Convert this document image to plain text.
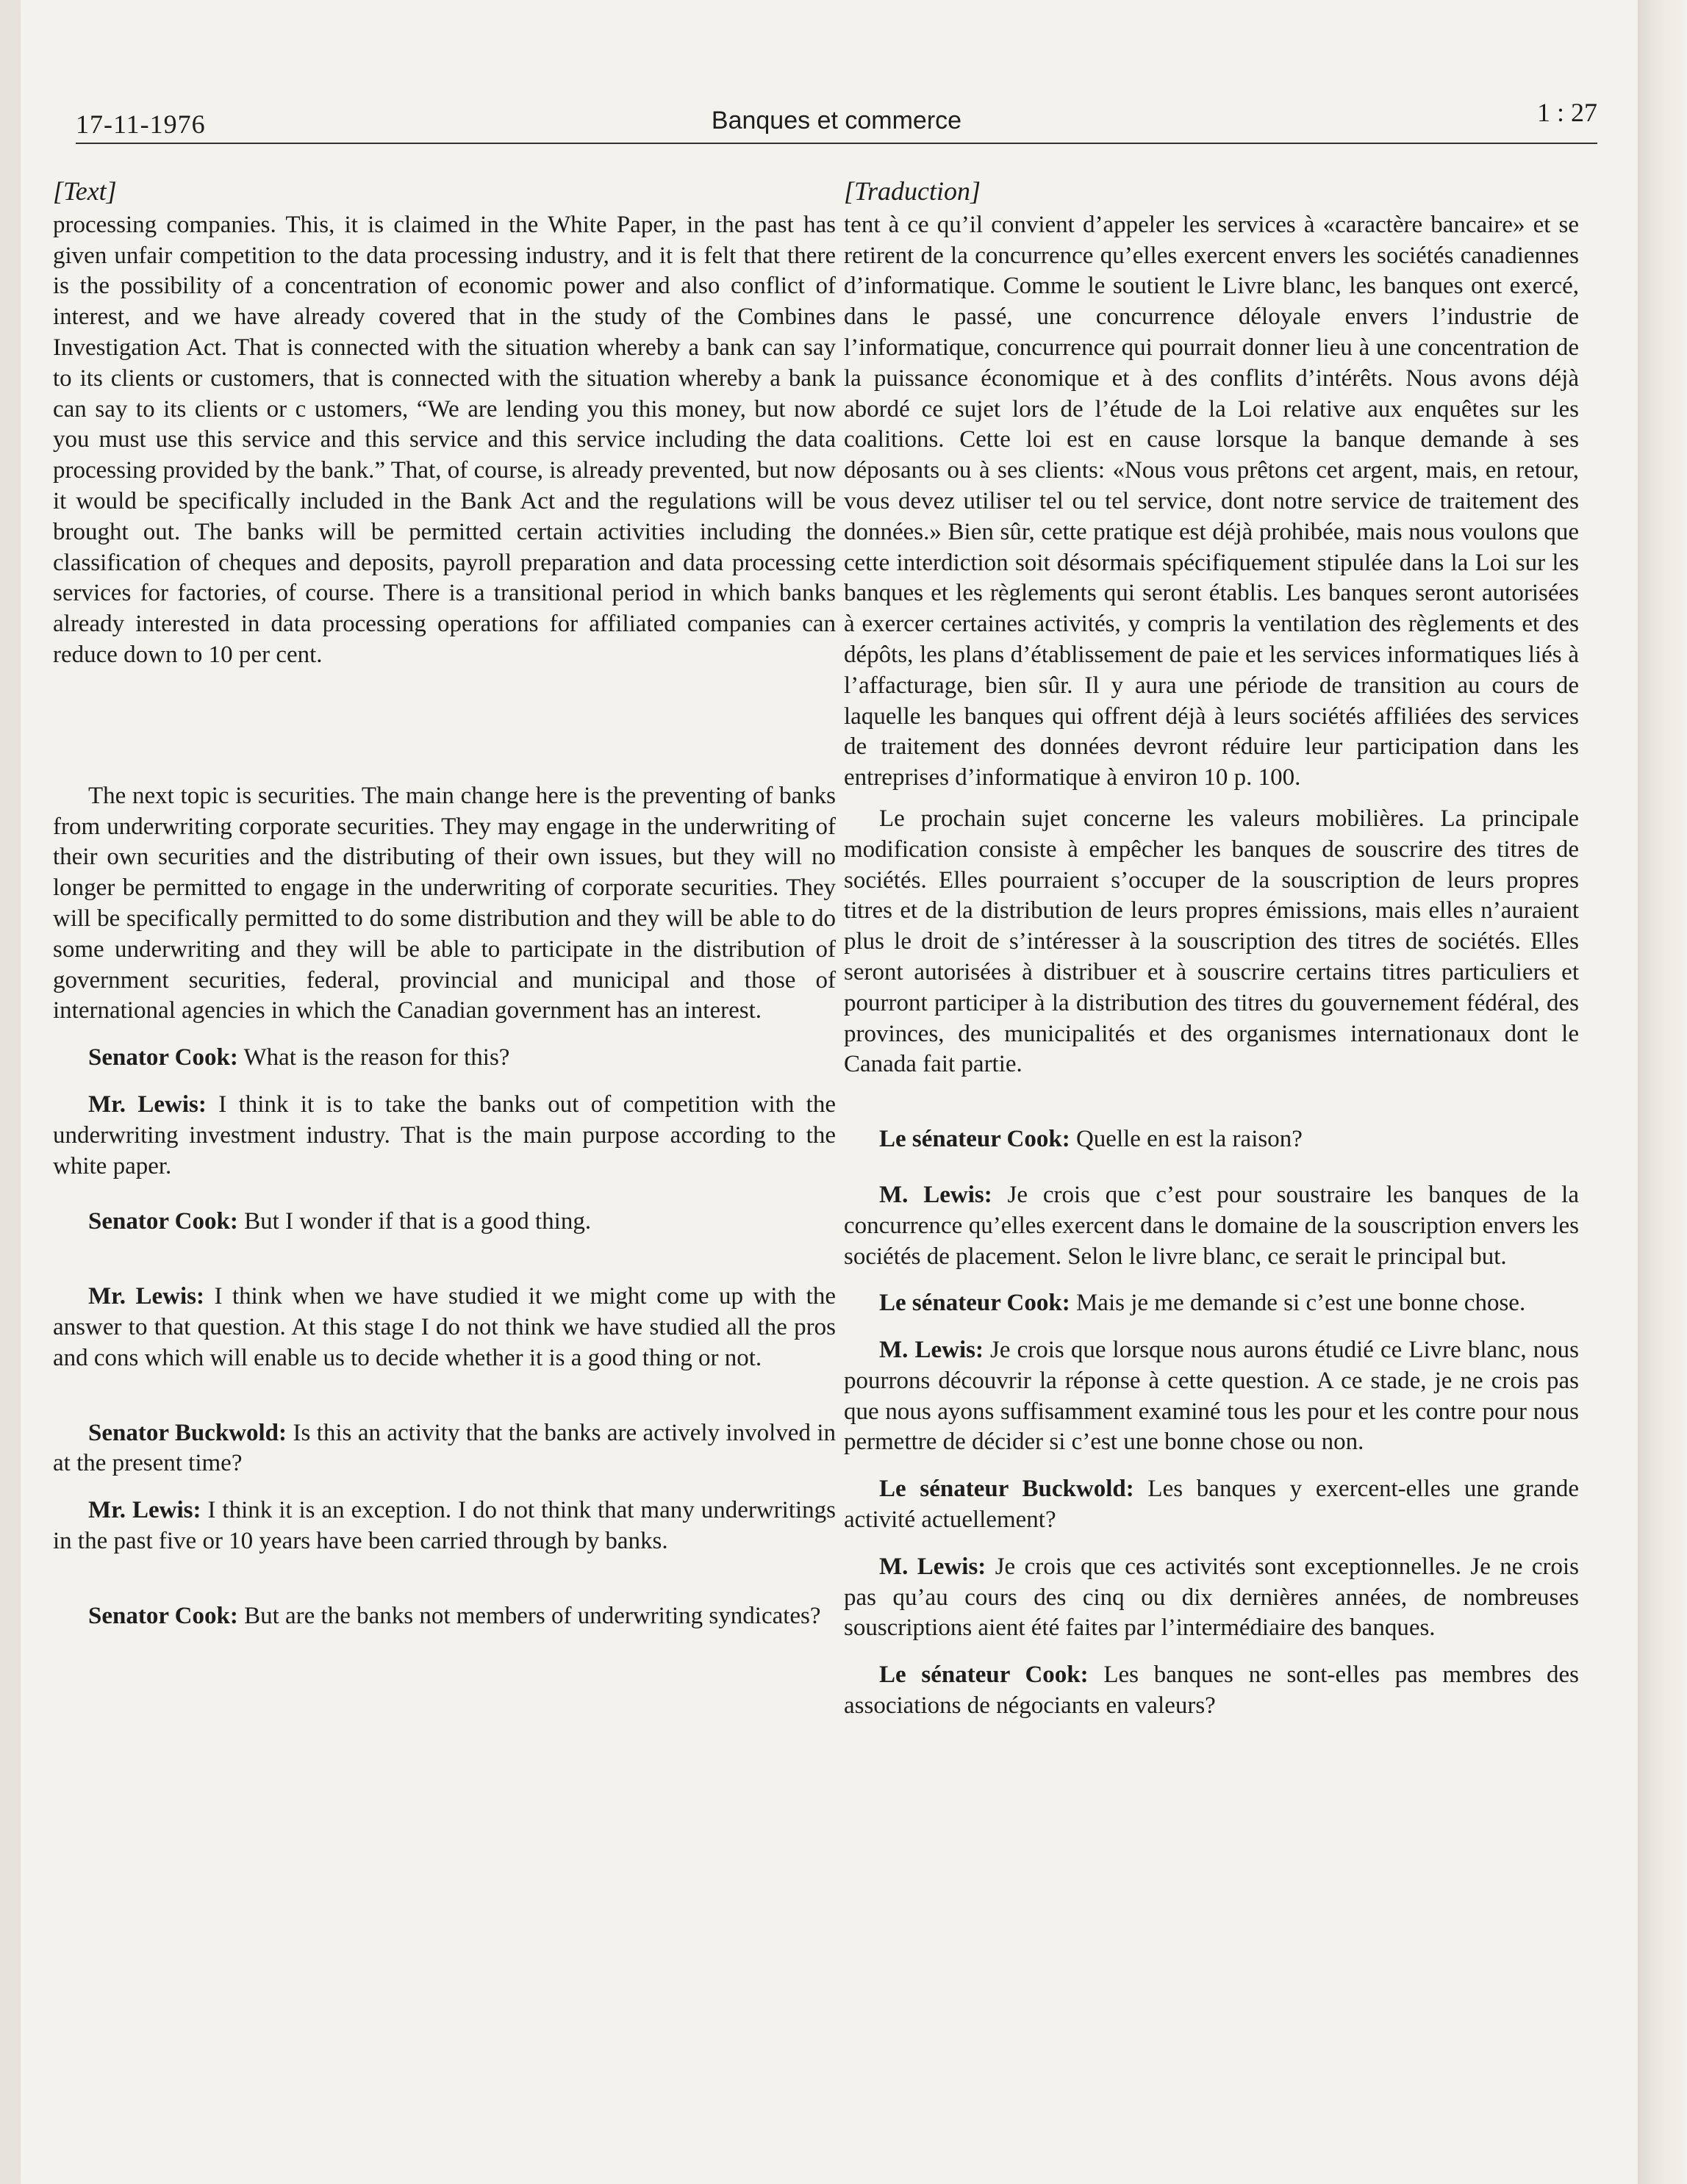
17-11-1976	Banques et commerce	1 : 27
[Text]

processing companies. This, it is claimed in the White Paper, in the past has given unfair competition to the data processing industry, and it is felt that there is the possibility of a concentration of economic power and also conflict of interest, and we have already covered that in the study of the Combines Investigation Act. That is connected with the situation whereby a bank can say to its clients or customers, that is connected with the situation whereby a bank can say to its clients or c ustomers, “We are lending you this money, but now you must use this service and this service and this service including the data processing provided by the bank.” That, of course, is already prevented, but now it would be specifically included in the Bank Act and the regulations will be brought out. The banks will be permitted certain activities including the classification of cheques and deposits, payroll preparation and data processing services for factories, of course. There is a transitional period in which banks already interested in data processing operations for affiliated companies can reduce down to 10 per cent.

The next topic is securities. The main change here is the preventing of banks from underwriting corporate securities. They may engage in the underwriting of their own securities and the distributing of their own issues, but they will no longer be permitted to engage in the underwriting of corporate securities. They will be specifically permitted to do some distribution and they will be able to do some underwriting and they will be able to participate in the distribution of government securities, federal, provincial and municipal and those of international agencies in which the Canadian government has an interest.

Senator Cook: What is the reason for this?

Mr. Lewis: I think it is to take the banks out of competition with the underwriting investment industry. That is the main purpose according to the white paper.

Senator Cook: But I wonder if that is a good thing.

Mr. Lewis: I think when we have studied it we might come up with the answer to that question. At this stage I do not think we have studied all the pros and cons which will enable us to decide whether it is a good thing or not.

Senator Buckwold: Is this an activity that the banks are actively involved in at the present time?

Mr. Lewis: I think it is an exception. I do not think that many underwritings in the past five or 10 years have been carried through by banks.

Senator Cook: But are the banks not members of underwriting syndicates?

[Traduction]

tent à ce qu’il convient d’appeler les services à «caractère bancaire» et se retirent de la concurrence qu’elles exercent envers les sociétés canadiennes d’informatique. Comme le soutient le Livre blanc, les banques ont exercé, dans le passé, une concurrence déloyale envers l’industrie de l’informatique, concurrence qui pourrait donner lieu à une concentration de la puissance économique et à des conflits d’intérêts. Nous avons déjà abordé ce sujet lors de l’étude de la Loi relative aux enquêtes sur les coalitions. Cette loi est en cause lorsque la banque demande à ses déposants ou à ses clients: «Nous vous prêtons cet argent, mais, en retour, vous devez utiliser tel ou tel service, dont notre service de traitement des données.» Bien sûr, cette pratique est déjà prohibée, mais nous voulons que cette interdiction soit désormais spécifiquement stipulée dans la Loi sur les banques et les règlements qui seront établis. Les banques seront autorisées à exercer certaines activités, y compris la ventilation des règlements et des dépôts, les plans d’établissement de paie et les services informatiques liés à l’affacturage, bien sûr. Il y aura une période de transition au cours de laquelle les banques qui offrent déjà à leurs sociétés affiliées des services de traitement des données devront réduire leur participation dans les entreprises d’informatique à environ 10 p. 100.

Le prochain sujet concerne les valeurs mobilières. La principale modification consiste à empêcher les banques de souscrire des titres de sociétés. Elles pourraient s’occuper de la souscription de leurs propres titres et de la distribution de leurs propres émissions, mais elles n’auraient plus le droit de s’intéresser à la souscription des titres de sociétés. Elles seront autorisées à distribuer et à souscrire certains titres particuliers et pourront participer à la distribution des titres du gouvernement fédéral, des provinces, des municipalités et des organismes internationaux dont le Canada fait partie.

Le sénateur Cook: Quelle en est la raison?

M. Lewis: Je crois que c’est pour soustraire les banques de la concurrence qu’elles exercent dans le domaine de la souscription envers les sociétés de placement. Selon le livre blanc, ce serait le principal but.

Le sénateur Cook: Mais je me demande si c’est une bonne chose.

M. Lewis: Je crois que lorsque nous aurons étudié ce Livre blanc, nous pourrons découvrir la réponse à cette question. A ce stade, je ne crois pas que nous ayons suffisamment examiné tous les pour et les contre pour nous permettre de décider si c’est une bonne chose ou non.

Le sénateur Buckwold: Les banques y exercent-elles une grande activité actuellement?

M. Lewis: Je crois que ces activités sont exceptionnelles. Je ne crois pas qu’au cours des cinq ou dix dernières années, de nombreuses souscriptions aient été faites par l’intermédiaire des banques.

Le sénateur Cook: Les banques ne sont-elles pas membres des associations de négociants en valeurs?
